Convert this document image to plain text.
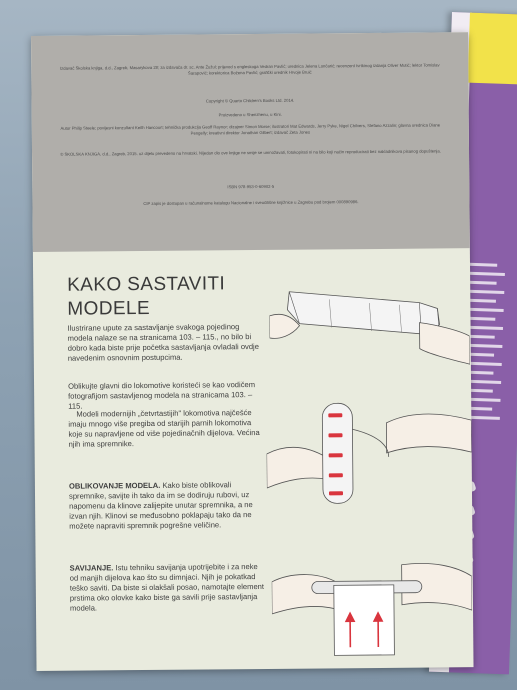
Izdavač Školska knjiga, d.d., Zagreb, Masarykova 28; za izdavača dr. sc. Ante Žužul; prijevod s engleskoga Vedran Pavlić; urednica Jelena Lončarić; recenzent tvrtkinog izdanja Oliver Mutić; lektor Tomislav Šarapović; korektorica Božena Pavlić; grafički urednik Hrvoje Bruić

Copyright © Quarto Children's Books Ltd. 2014.

Proizvedeno u Shenzhenu, u Kini.

Autor Philip Steele; povijesni konzultant Keith Hancourt; tehnička produkcija Geoff Raynor; dizajner Simon Morse; ilustratori Mat Edwards, Jerry Pyke, Nigel Chilvers, Stefano Azzalin; glavna urednica Diane Pengelly; kreativni direktor Jonathan Gilbert; izdavač Zeta Jones

© ŠKOLSKA KNJIGA, d.d., Zagreb, 2015. uz dijelu prevedeno na hrvatski. Nijedan dio ove knjige ne smije se umnožavati, fotokopirati ni na bilo koji način reproducirati bez nakladnikova pisanog dopuštenja.

ISBN 978-953-0-60902-5

CIP zapis je dostupan u računalnome katalogu Nacionalne i sveučilišne knjižnice u Zagrebu pod brojem 000890986.

KAKO SASTAVITI MODELE

Ilustrirane upute za sastavljanje svakoga pojedinog modela nalaze se na stranicama 103. – 115., no bilo bi dobro kada biste prije početka sastavljanja ovladali ovdje navedenim osnovnim postupcima.

Oblikujte glavni dio lokomotive koristeći se kao vodičem fotografijom sastavljenog modela na stranicama 103. – 115.

Modeli modernijih „četvrtastijih" lokomotiva najčešće imaju mnogo više pregiba od starijih parnih lokomotiva koje su napravljene od više pojedinačnih dijelova. Većina njih ima spremnike.

OBLIKOVANJE MODELA. Kako biste oblikovali spremnike, savijte ih tako da im se dodiruju rubovi, uz napomenu da klinove zalijepite unutar spremnika, a ne izvan njih. Klinovi se međusobno poklapaju tako da ne možete napraviti spremnik pogrešne veličine.

SAVIJANJE. Istu tehniku savijanja upotrijebite i za neke od manjih dijelova kao što su dimnjaci. Njih je pokatkad teško saviti. Da biste si olakšali posao, namotajte element prstima oko olovke kako biste ga savili prije sastavljanja modela.
